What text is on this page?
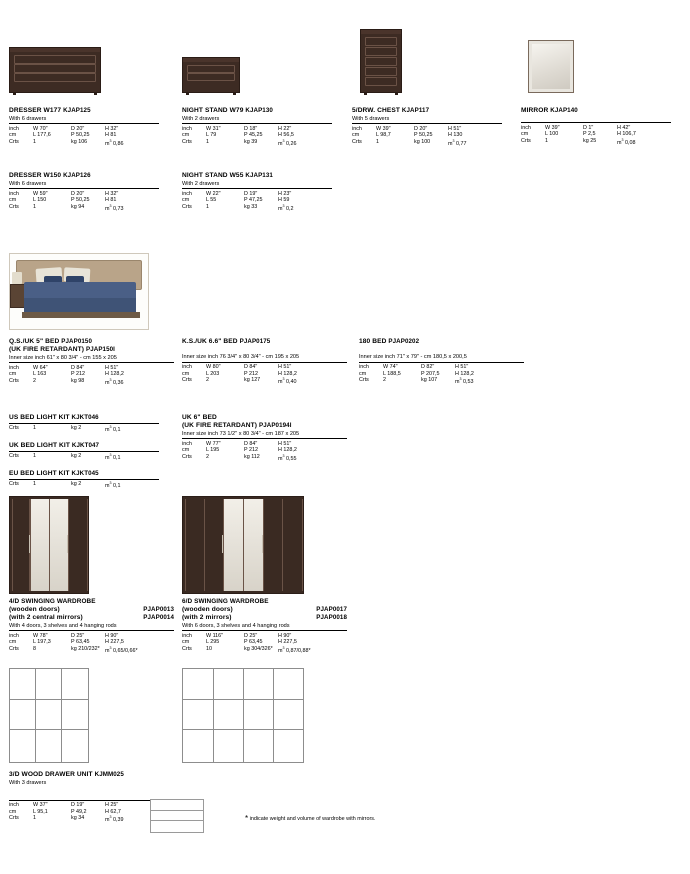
DRESSER W177 KJAP125
With 6 drawers
inch	W 70"	D 20"	H 32"
cm	L 177,6	P 50,25	H 81
Crts	1	kg 106	$m^3$ 0,86
NIGHT STAND W79 KJAP130
With 2 drawers
inch	W 31"	D 18"	H 22"
cm	L 79	P 45,25	H 56,5
Crts	1	kg 39	$m^3$ 0,26
5/DRW. CHEST KJAP117
With 5 drawers
inch	W 39"	D 20"	H 51"
cm	L 98,7	P 50,25	H 130
Crts	1	kg 100	$m^3$ 0,77
MIRROR KJAP140
inch	W 39"	D 1"	H 42"
cm	L 100	P 2,5	H 106,7
Crts	1	kg 25	$m^3$ 0,08
DRESSER W150 KJAP126
With 6 drawers
inch	W 59"	D 20"	H 32"
cm	L 150	P 50,25	H 81
Crts	1	kg 94	$m^3$ 0,73
NIGHT STAND W55 KJAP131
With 2 drawers
inch	W 22"	D 19"	H 23"
cm	L 55	P 47,25	H 59
Crts	1	kg 33	$m^3$ 0,2
Q.S./UK 5" BED PJAP0150
(UK FIRE RETARDANT) PJAP150I
Inner size inch 61" x 80 3/4" - cm 155 x 205
inch	W 64"	D 84"	H 51"
cm	L 163	P 212	H 128,2
Crts	2	kg 98	$m^3$ 0,36
K.S./UK 6.6" BED PJAP0175
Inner size inch 76 3/4" x 80 3/4" - cm 195 x 205
inch	W 80"	D 84"	H 51"
cm	L 203	P 212	H 128,2
Crts	2	kg 127	$m^3$ 0,40
180 BED PJAP0202
Inner size inch 71" x 79" - cm 180,5 x 200,5
inch	W 74"	D 82"	H 51"
cm	L 188,5	P 207,5	H 128,2
Crts	2	kg 107	$m^3$ 0,53
US BED LIGHT KIT KJKT046
Crts	1	kg 2	$m^3$ 0,1
UK BED LIGHT KIT KJKT047
Crts	1	kg 2	$m^3$ 0,1
EU BED LIGHT KIT KJKT045
Crts	1	kg 2	$m^3$ 0,1
UK 6" BED
(UK FIRE RETARDANT) PJAP0194I
Inner size inch 73 1/2" x 80 3/4" - cm 187 x 205
inch	W 77"	D 84"	H 51"
cm	L 195	P 212	H 128,2
Crts	2	kg 112	$m^3$ 0,55
4/D SWINGING WARDROBE
(wooden doors)	PJAP0013
(with 2 central mirrors)	PJAP0014
With 4 doors, 3 shelves and 4 hanging rods
inch	W 78"	D 25"	H 90"
cm	L 197,3	P 63,45	H 227,5
Crts	8	kg 210/232*	$m^3$ 0,65/0,66*
6/D SWINGING WARDROBE
(wooden doors)	PJAP0017
(with 2 mirrors)	PJAP0018
With 6 doors, 3 shelves and 4 hanging rods
inch	W 116"	D 25"	H 90"
cm	L 295	P 63,45	H 227,5
Crts	10	kg 304/326*	$m^3$ 0,87/0,88*
3/D WOOD DRAWER UNIT KJMM025
With 3 drawers
inch	W 37"	D 19"	H 25"
cm	L 95,1	P 49,2	H 62,7
Crts	1	kg 34	$m^3$ 0,39	* indicate weight and volume of wardrobe with mirrors.
